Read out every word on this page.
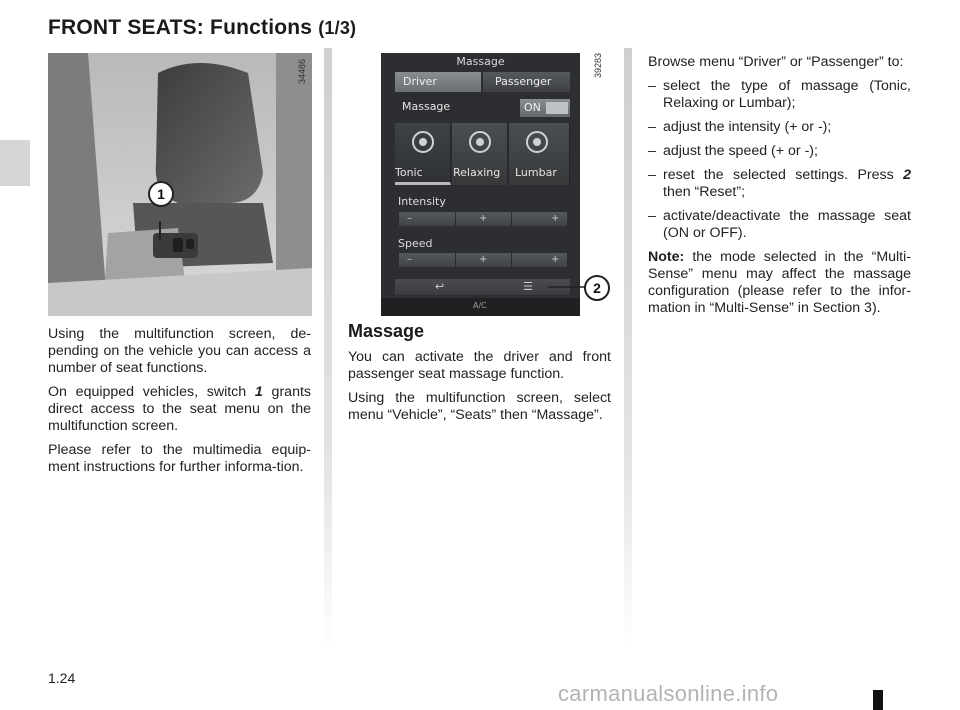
FRONT SEATS: Functions (1/3)
34486
1

Using the multifunction screen, de-pending on the vehicle you can access a number of seat functions.

On equipped vehicles, switch 1 grants direct access to the seat menu on the multifunction screen.

Please refer to the multimedia equip-ment instructions for further informa-tion.

Massage
Driver	Passenger
Massage	ON
Tonic	Relaxing Lumbar
Intensity
–	+	+
Speed
–	+	+
↩	☰
A/C
39283
2
Massage

You can activate the driver and front passenger seat massage function.

Using the multifunction screen, select menu “Vehicle”, “Seats” then “Massage”.

Browse menu “Driver” or “Passenger” to:

– select the type of massage (Tonic, Relaxing or Lumbar);
– adjust the intensity (+ or -);
– adjust the speed (+ or -);
– reset the selected settings. Press 2 then “Reset”;
– activate/deactivate the massage seat (ON or OFF).

Note: the mode selected in the “Multi-Sense” menu may affect the massage configuration (please refer to the infor-mation in “Multi-Sense” in Section 3).

1.24
carmanualsonline.info
